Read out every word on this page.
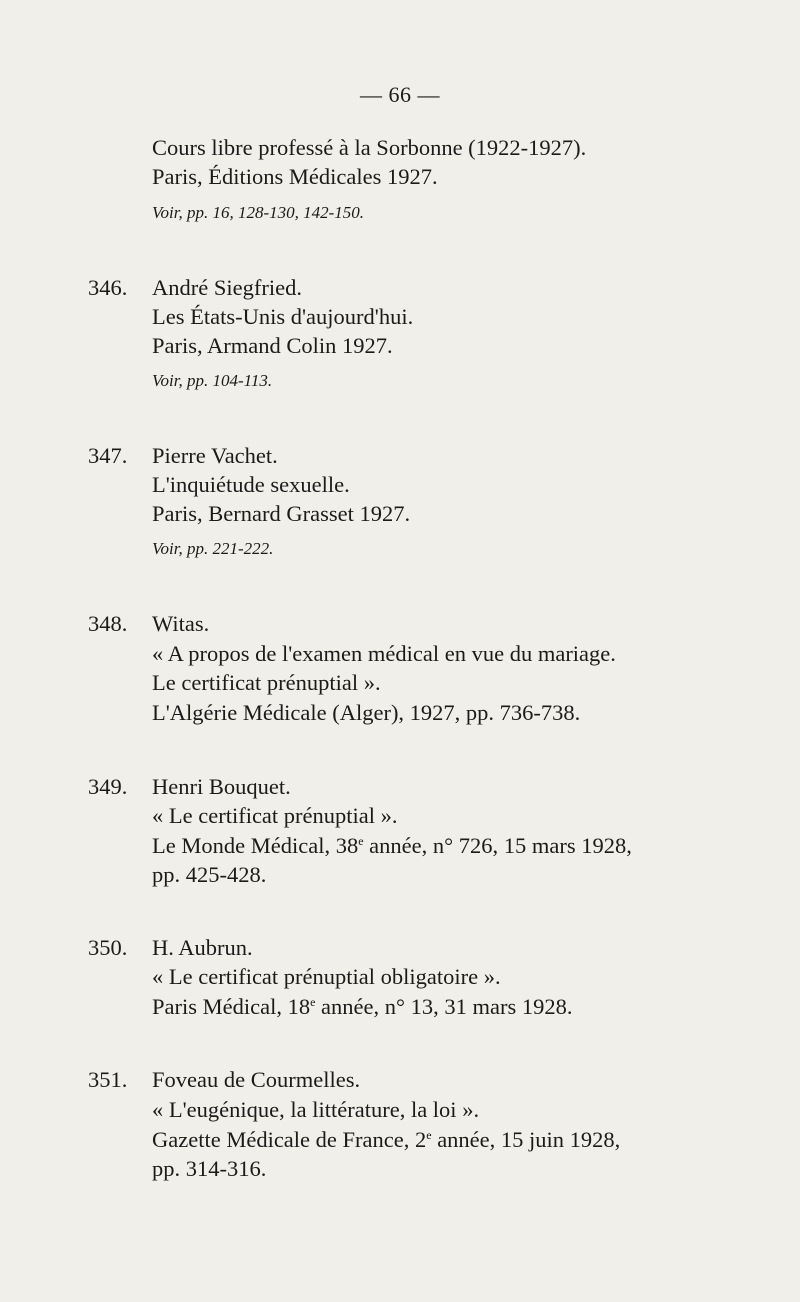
— 66 —
Cours libre professé à la Sorbonne (1922-1927).
Paris, Éditions Médicales 1927.
Voir, pp. 16, 128-130, 142-150.
346. André Siegfried.
Les États-Unis d'aujourd'hui.
Paris, Armand Colin 1927.
Voir, pp. 104-113.
347. Pierre Vachet.
L'inquiétude sexuelle.
Paris, Bernard Grasset 1927.
Voir, pp. 221-222.
348. Witas.
« A propos de l'examen médical en vue du mariage.
Le certificat prénuptial ».
L'Algérie Médicale (Alger), 1927, pp. 736-738.
349. Henri Bouquet.
« Le certificat prénuptial ».
Le Monde Médical, 38e année, n° 726, 15 mars 1928,
pp. 425-428.
350. H. Aubrun.
« Le certificat prénuptial obligatoire ».
Paris Médical, 18e année, n° 13, 31 mars 1928.
351. Foveau de Courmelles.
« L'eugénique, la littérature, la loi ».
Gazette Médicale de France, 2e année, 15 juin 1928,
pp. 314-316.
